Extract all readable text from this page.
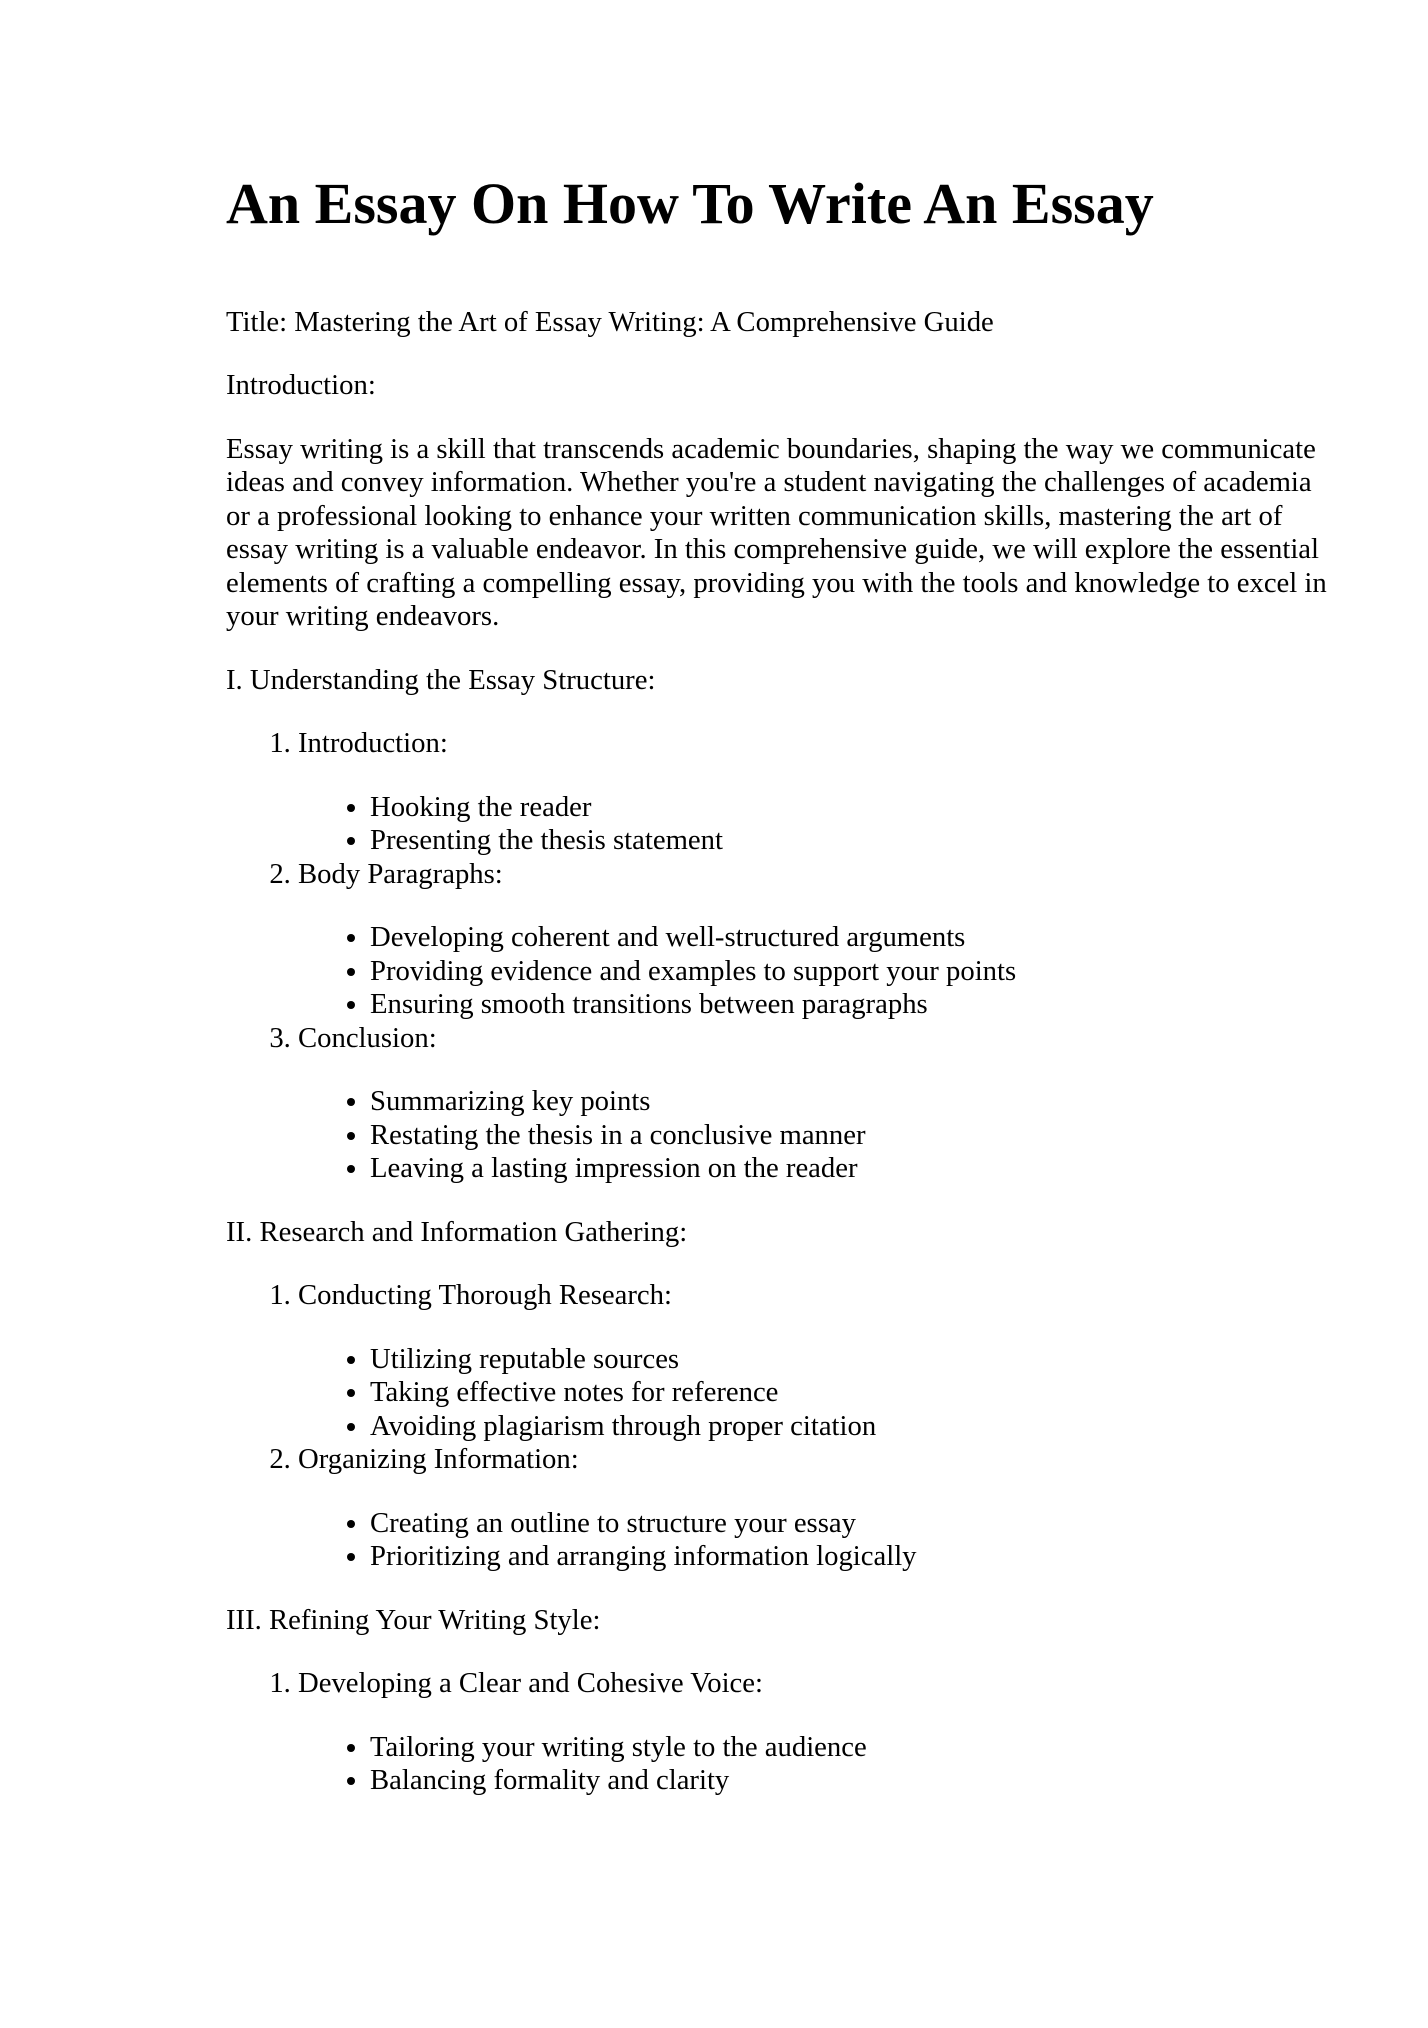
An Essay On How To Write An Essay

Title: Mastering the Art of Essay Writing: A Comprehensive Guide

Introduction:

Essay writing is a skill that transcends academic boundaries, shaping the way we communicate ideas and convey information. Whether you're a student navigating the challenges of academia or a professional looking to enhance your written communication skills, mastering the art of essay writing is a valuable endeavor. In this comprehensive guide, we will explore the essential elements of crafting a compelling essay, providing you with the tools and knowledge to excel in your writing endeavors.

I. Understanding the Essay Structure:

1. Introduction:

• Hooking the reader
• Presenting the thesis statement

2. Body Paragraphs:

• Developing coherent and well-structured arguments
• Providing evidence and examples to support your points
• Ensuring smooth transitions between paragraphs

3. Conclusion:

• Summarizing key points
• Restating the thesis in a conclusive manner
• Leaving a lasting impression on the reader

II. Research and Information Gathering:

1. Conducting Thorough Research:

• Utilizing reputable sources
• Taking effective notes for reference
• Avoiding plagiarism through proper citation

2. Organizing Information:

• Creating an outline to structure your essay
• Prioritizing and arranging information logically

III. Refining Your Writing Style:

1. Developing a Clear and Cohesive Voice:

• Tailoring your writing style to the audience
• Balancing formality and clarity
